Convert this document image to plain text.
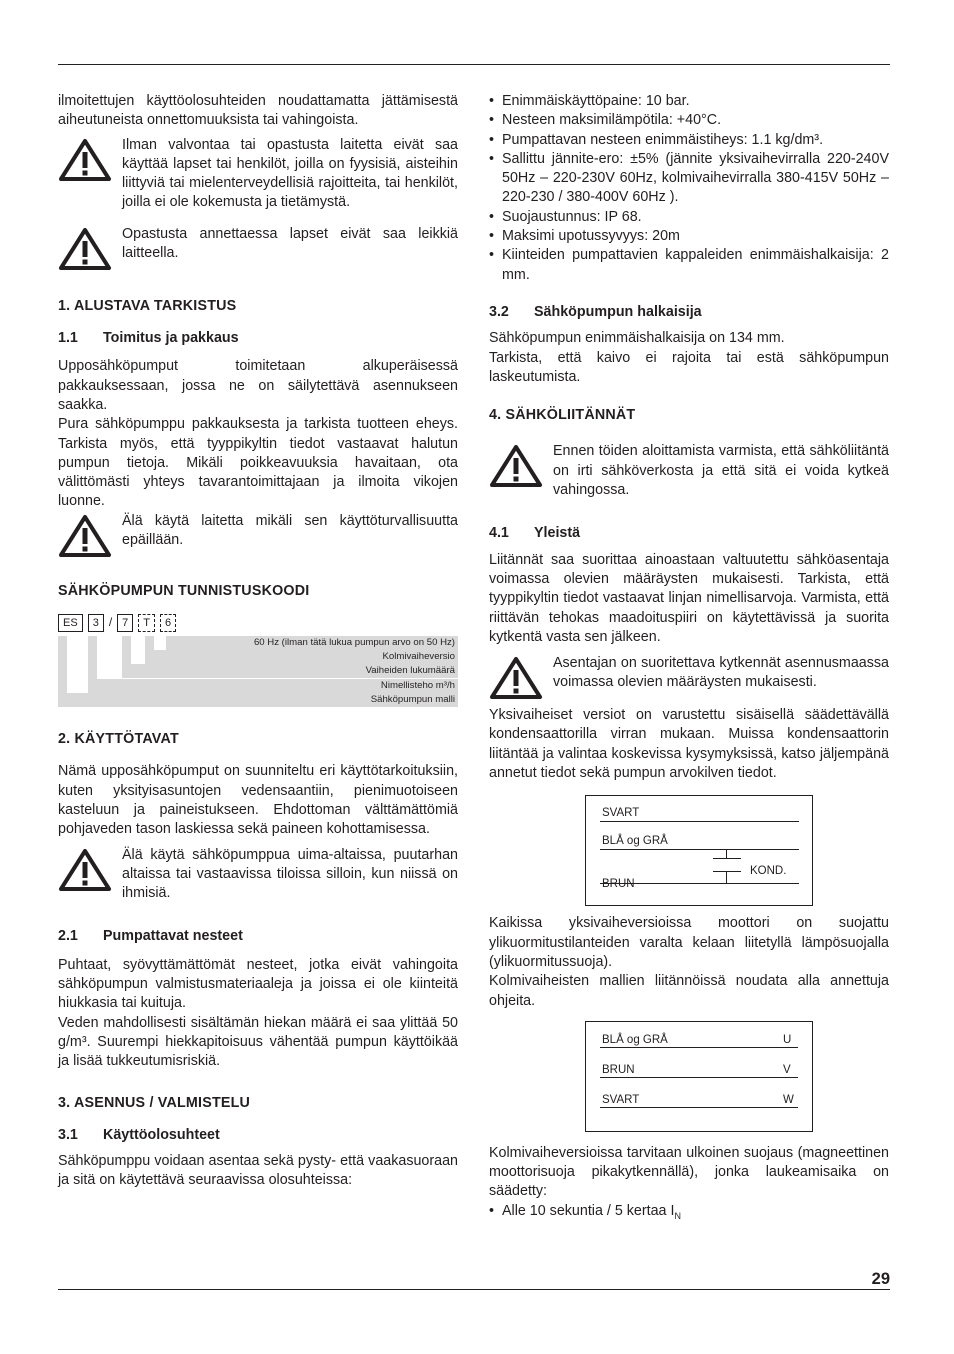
ilmoitettujen käyttöolosuhteiden noudattamatta jättämisestä aiheutuneista onnettomuuksista tai vahingoista.

Ilman valvontaa tai opastusta laitetta eivät saa käyttää lapset tai henkilöt, joilla on fyysisiä, aisteihin liittyviä tai mielenterveydellisiä rajoitteita, tai henkilöt, joilla ei ole kokemusta ja tietämystä.

Opastusta annettaessa lapset eivät saa leikkiä laitteella.

1. ALUSTAVA TARKISTUS
1.1 Toimitus ja pakkaus

Upposähköpumput toimitetaan alkuperäisessä pakkauksessaan, jossa ne on säilytettävä asennukseen saakka.

Pura sähköpumppu pakkauksesta ja tarkista tuotteen eheys. Tarkista myös, että tyyppikyltin tiedot vastaavat halutun pumpun tietoja. Mikäli poikkeavuuksia havaitaan, ota välittömästi yhteys tavarantoimittajaan ja ilmoita vikojen luonne.

Älä käytä laitetta mikäli sen käyttöturvallisuutta epäillään.

SÄHKÖPUMPUN TUNNISTUSKOODI
ES	3 / 7	T	6
60 Hz (ilman tätä lukua pumpun arvo on 50 Hz)
Kolmivaiheversio
Vaiheiden lukumäärä
Nimellisteho m³/h
Sähköpumpun malli
2. KÄYTTÖTAVAT

Nämä upposähköpumput on suunniteltu eri käyttötarkoituksiin, kuten yksityisasuntojen vedensaantiin, pienimuotoiseen kasteluun ja paineistukseen. Ehdottoman välttämättömiä pohjaveden tason laskiessa sekä paineen kohottamisessa.

Älä käytä sähköpumppua uima-altaissa, puutarhan altaissa tai vastaavissa tiloissa silloin, kun niissä on ihmisiä.

2.1 Pumpattavat nesteet

Puhtaat, syövyttämättömät nesteet, jotka eivät vahingoita sähköpumpun valmistusmateriaaleja ja joissa ei ole kiinteitä hiukkasia tai kuituja.

Veden mahdollisesti sisältämän hiekan määrä ei saa ylittää 50 g/m³. Suurempi hiekkapitoisuus vähentää pumpun käyttöikää ja lisää tukkeutumisriskiä.

3. ASENNUS / VALMISTELU
3.1 Käyttöolosuhteet

Sähköpumppu voidaan asentaa sekä pysty- että vaakasuoraan ja sitä on käytettävä seuraavissa olosuhteissa:

• Enimmäiskäyttöpaine: 10 bar.
• Nesteen maksimilämpötila: +40°C.
• Pumpattavan nesteen enimmäistiheys: 1.1 kg/dm³.
• Sallittu jännite-ero: ±5% (jännite yksivaihevirralla 220-240V 50Hz – 220-230V 60Hz, kolmivaihevirralla 380-415V 50Hz – 220-230 / 380-400V 60Hz ).
• Suojaustunnus: IP 68.
• Maksimi upotussyvyys: 20m
• Kiinteiden pumpattavien kappaleiden enimmäishalkaisija: 2 mm.
3.2 Sähköpumpun halkaisija

Sähköpumpun enimmäishalkaisija on 134 mm.

Tarkista, että kaivo ei rajoita tai estä sähköpumpun laskeutumista.

4. SÄHKÖLIITÄNNÄT

Ennen töiden aloittamista varmista, että sähköliitäntä on irti sähköverkosta ja että sitä ei voida kytkeä vahingossa.

4.1 Yleistä

Liitännät saa suorittaa ainoastaan valtuutettu sähköasentaja voimassa olevien määräysten mukaisesti. Tarkista, että tyyppikyltin tiedot vastaavat linjan nimellisarvoja. Varmista, että riittävän tehokas maadoituspiiri on käytettävissä ja suorita kytkentä vasta sen jälkeen.

Asentajan on suoritettava kytkennät asennusmaassa voimassa olevien määräysten mukaisesti.

Yksivaiheiset versiot on varustettu sisäisellä säädettävällä kondensaattorilla virran mukaan. Muissa kondensaattorin liitäntää ja valintaa koskevissa kysymyksissä, katso jäljempänä annetut tiedot sekä pumpun arvokilven tiedot.

SVART
BLÅ og GRÅ
KOND.
BRUN

Kaikissa yksivaiheversioissa moottori on suojattu ylikuormitustilanteiden varalta kelaan liitetyllä lämpösuojalla (ylikuormitussuoja).

Kolmivaiheisten mallien liitännöissä noudata alla annettuja ohjeita.

BLÅ og GRÅ	U
BRUN	V
SVART	W

Kolmivaiheversioissa tarvitaan ulkoinen suojaus (magneettinen moottorisuoja pikakytkennällä), jonka laukeamisaika on säädetty:

• Alle 10 sekuntia / 5 kertaa $I_N$
29
